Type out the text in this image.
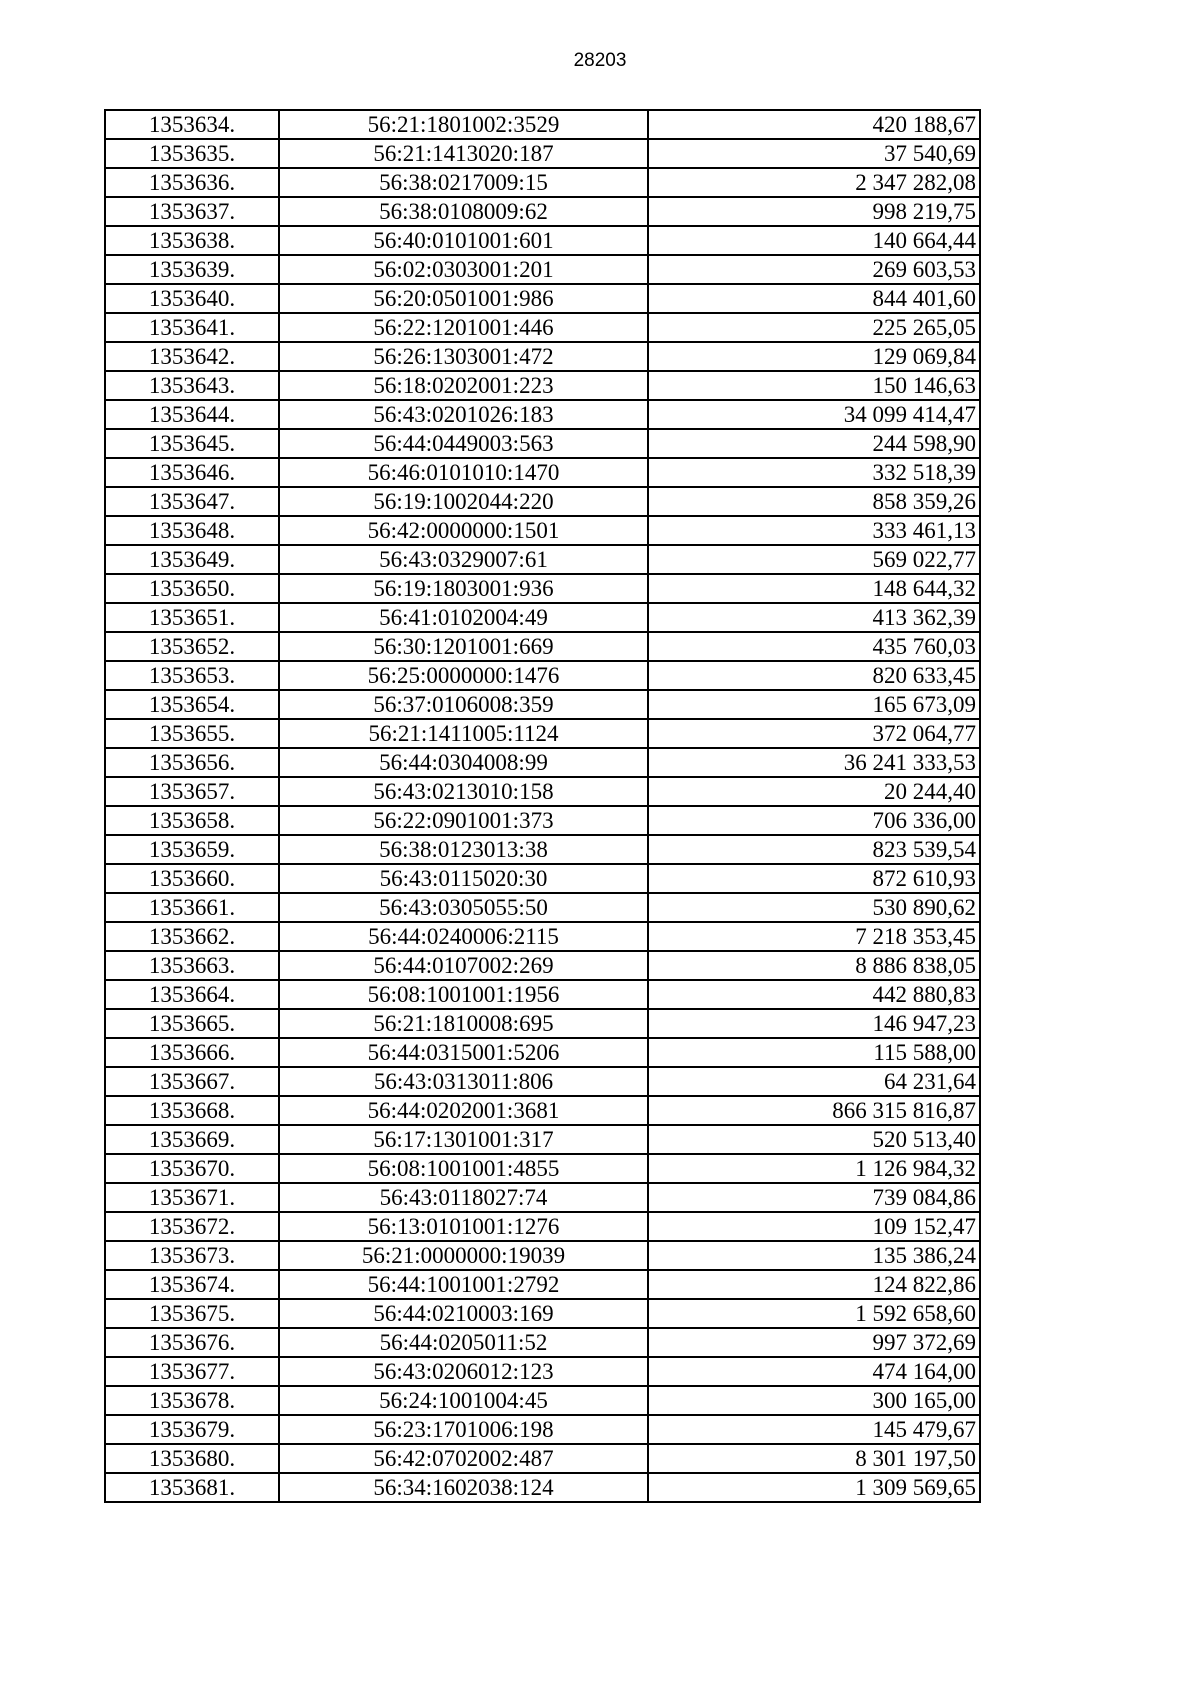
28203
1353634.	56:21:1801002:3529	420 188,67
1353635.	56:21:1413020:187	37 540,69
1353636.	56:38:0217009:15	2 347 282,08
1353637.	56:38:0108009:62	998 219,75
1353638.	56:40:0101001:601	140 664,44
1353639.	56:02:0303001:201	269 603,53
1353640.	56:20:0501001:986	844 401,60
1353641.	56:22:1201001:446	225 265,05
1353642.	56:26:1303001:472	129 069,84
1353643.	56:18:0202001:223	150 146,63
1353644.	56:43:0201026:183	34 099 414,47
1353645.	56:44:0449003:563	244 598,90
1353646.	56:46:0101010:1470	332 518,39
1353647.	56:19:1002044:220	858 359,26
1353648.	56:42:0000000:1501	333 461,13
1353649.	56:43:0329007:61	569 022,77
1353650.	56:19:1803001:936	148 644,32
1353651.	56:41:0102004:49	413 362,39
1353652.	56:30:1201001:669	435 760,03
1353653.	56:25:0000000:1476	820 633,45
1353654.	56:37:0106008:359	165 673,09
1353655.	56:21:1411005:1124	372 064,77
1353656.	56:44:0304008:99	36 241 333,53
1353657.	56:43:0213010:158	20 244,40
1353658.	56:22:0901001:373	706 336,00
1353659.	56:38:0123013:38	823 539,54
1353660.	56:43:0115020:30	872 610,93
1353661.	56:43:0305055:50	530 890,62
1353662.	56:44:0240006:2115	7 218 353,45
1353663.	56:44:0107002:269	8 886 838,05
1353664.	56:08:1001001:1956	442 880,83
1353665.	56:21:1810008:695	146 947,23
1353666.	56:44:0315001:5206	115 588,00
1353667.	56:43:0313011:806	64 231,64
1353668.	56:44:0202001:3681	866 315 816,87
1353669.	56:17:1301001:317	520 513,40
1353670.	56:08:1001001:4855	1 126 984,32
1353671.	56:43:0118027:74	739 084,86
1353672.	56:13:0101001:1276	109 152,47
1353673.	56:21:0000000:19039	135 386,24
1353674.	56:44:1001001:2792	124 822,86
1353675.	56:44:0210003:169	1 592 658,60
1353676.	56:44:0205011:52	997 372,69
1353677.	56:43:0206012:123	474 164,00
1353678.	56:24:1001004:45	300 165,00
1353679.	56:23:1701006:198	145 479,67
1353680.	56:42:0702002:487	8 301 197,50
1353681.	56:34:1602038:124	1 309 569,65
